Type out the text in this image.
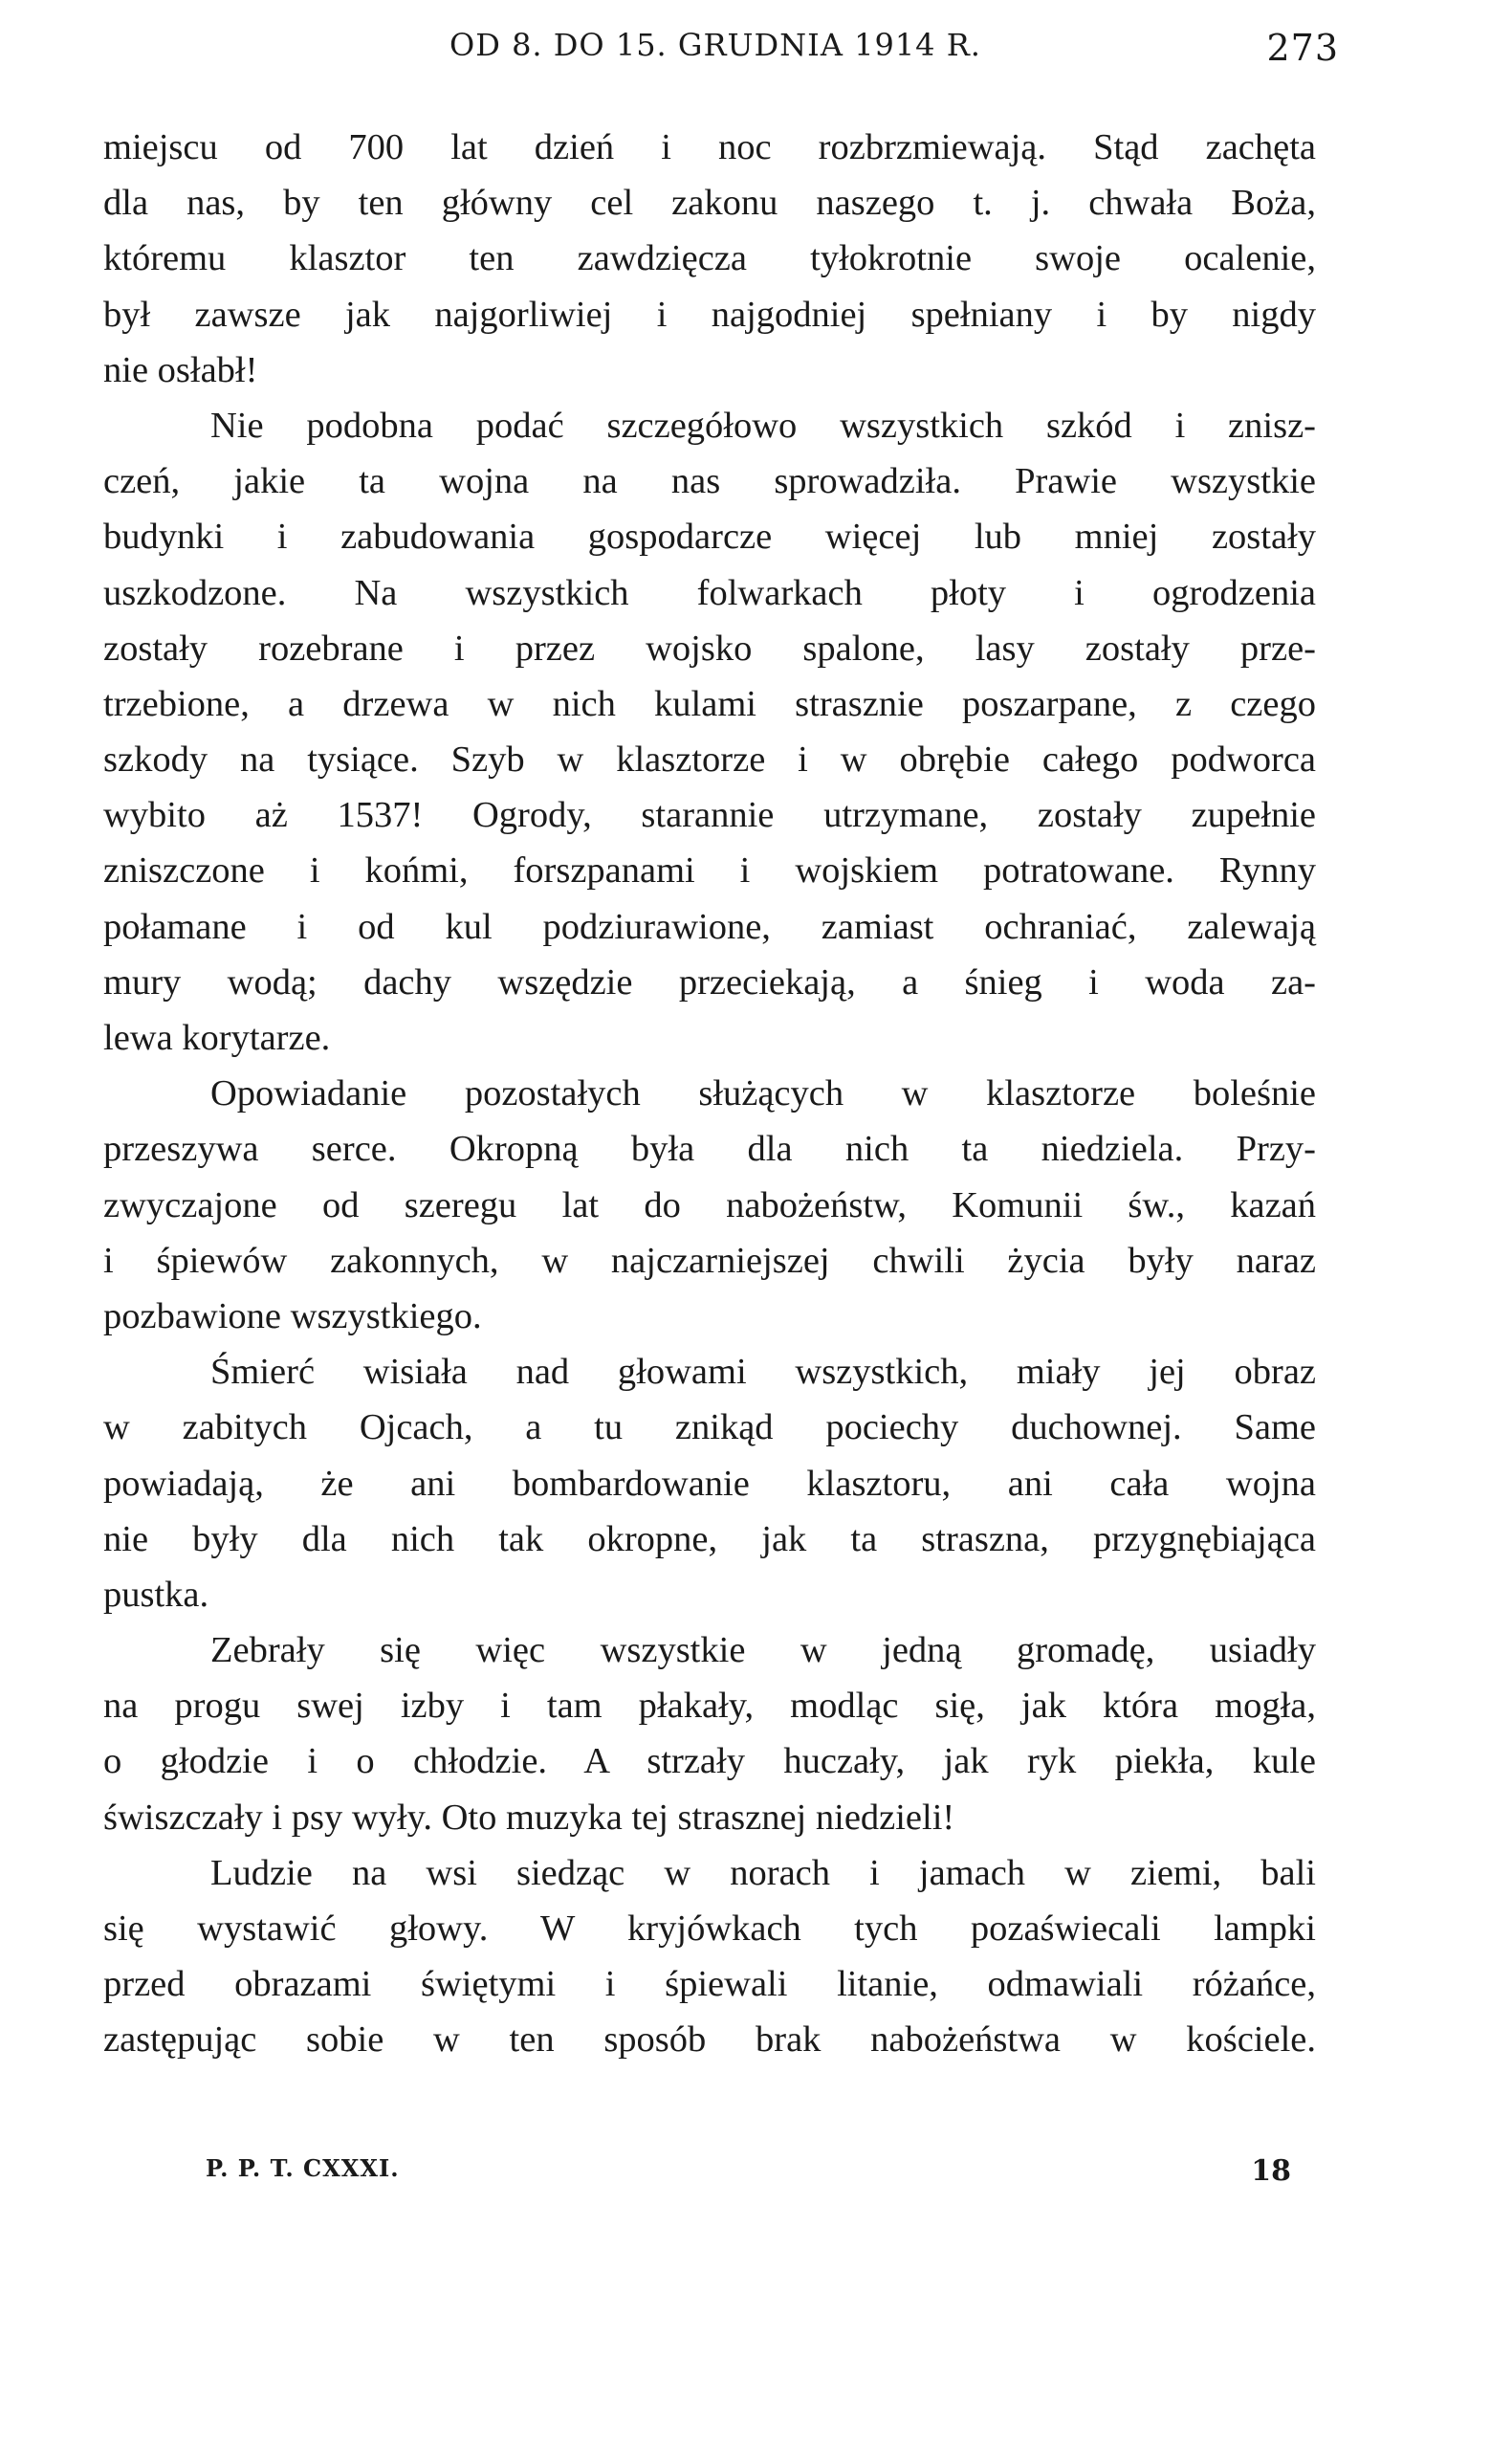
OD 8. DO 15. GRUDNIA 1914 R.	273
miejscu od 700 lat dzień i noc rozbrzmiewają. Stąd zachęta
dla nas, by ten główny cel zakonu naszego t. j. chwała Boża,
któremu klasztor ten zawdzięcza tyłokrotnie swoje ocalenie,
był zawsze jak najgorliwiej i najgodniej spełniany i by nigdy
nie osłabł!
Nie podobna podać szczegółowo wszystkich szkód i znisz-
czeń, jakie ta wojna na nas sprowadziła. Prawie wszystkie
budynki i zabudowania gospodarcze więcej lub mniej zostały
uszkodzone. Na wszystkich folwarkach płoty i ogrodzenia
zostały rozebrane i przez wojsko spalone, lasy zostały prze-
trzebione, a drzewa w nich kulami strasznie poszarpane, z czego
szkody na tysiące. Szyb w klasztorze i w obrębie całego podworca
wybito aż 1537! Ogrody, starannie utrzymane, zostały zupełnie
zniszczone i końmi, forszpanami i wojskiem potratowane. Rynny
połamane i od kul podziurawione, zamiast ochraniać, zalewają
mury wodą; dachy wszędzie przeciekają, a śnieg i woda za-
lewa korytarze.
Opowiadanie pozostałych służących w klasztorze boleśnie
przeszywa serce. Okropną była dla nich ta niedziela. Przy-
zwyczajone od szeregu lat do nabożeństw, Komunii św., kazań
i śpiewów zakonnych, w najczarniejszej chwili życia były naraz
pozbawione wszystkiego.
Śmierć wisiała nad głowami wszystkich, miały jej obraz
w zabitych Ojcach, a tu znikąd pociechy duchownej. Same
powiadają, że ani bombardowanie klasztoru, ani cała wojna
nie były dla nich tak okropne, jak ta straszna, przygnębiająca
pustka.
Zebrały się więc wszystkie w jedną gromadę, usiadły
na progu swej izby i tam płakały, modląc się, jak która mogła,
o głodzie i o chłodzie. A strzały huczały, jak ryk piekła, kule
świszczały i psy wyły. Oto muzyka tej strasznej niedzieli!
Ludzie na wsi siedząc w norach i jamach w ziemi, bali
się wystawić głowy. W kryjówkach tych pozaświecali lampki
przed obrazami świętymi i śpiewali litanie, odmawiali różańce,
zastępując sobie w ten sposób brak nabożeństwa w kościele.
P. P. T. CXXXI.	18
